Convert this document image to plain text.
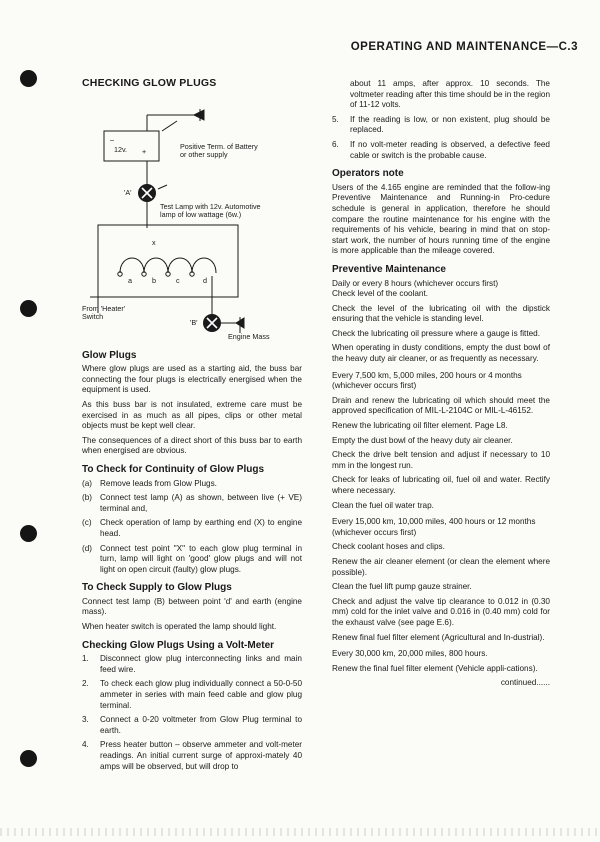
OPERATING AND MAINTENANCE—C.3
CHECKING GLOW PLUGS
–
12v. +
Positive Term. of Battery
or other supply
'A'
Test Lamp with 12v. Automotive
lamp of low wattage (6w.)
x
a	b	c	d
From 'Heater'
Switch
'B'
Engine Mass
Glow Plugs

Where glow plugs are used as a starting aid, the buss bar connecting the four plugs is electrically energised when the equipment is used.

As this buss bar is not insulated, extreme care must be exercised in as much as all pipes, clips or other metal objects must be kept well clear.

The consequences of a direct short of this buss bar to earth when energised are obvious.

To Check for Continuity of Glow Plugs
(a) Remove leads from Glow Plugs.
(b) Connect test lamp (A) as shown, between live (+ VE) terminal and,
(c)	Check operation of lamp by earthing end (X) to engine head.
(d) Connect test point "X" to each glow plug terminal in turn, lamp will light on 'good' glow plugs and will not light on open circuit (faulty) glow plugs.
To Check Supply to Glow Plugs

Connect test lamp (B) between point 'd' and earth (engine mass).

When heater switch is operated the lamp should light.

Checking Glow Plugs Using a Volt-Meter
1.	Disconnect glow plug interconnecting links and main feed wire.
2.	To check each glow plug individually connect a 50-0-50 ammeter in series with main feed cable and glow plug terminal.
3.	Connect a 0-20 voltmeter from Glow Plug terminal to earth.
4.	Press heater button – observe ammeter and volt-meter readings. An initial current surge of approxi-mately 40 amps will be observed, but will drop to

about 11 amps, after approx. 10 seconds. The voltmeter reading after this time should be in the region of 11-12 volts.

5.	If the reading is low, or non existent, plug should be replaced.
6.	If no volt-meter reading is observed, a defective feed cable or switch is the probable cause.
Operators note

Users of the 4.165 engine are reminded that the follow-ing Preventive Maintenance and Running-in Pro-cedure schedule is general in application, therefore he should compare the routine maintenance for his engine with the requirements of his vehicle, bearing in mind that on stop-start work, the number of hours running time of the engine is more applicable than the mileage covered.

Preventive Maintenance

Daily or every 8 hours (whichever occurs first)
Check level of the coolant.

Check the level of the lubricating oil with the dipstick ensuring that the vehicle is standing level.

Check the lubricating oil pressure where a gauge is fitted.

When operating in dusty conditions, empty the dust bowl of the heavy duty air cleaner, or as frequently as necessary.

Every 7,500 km, 5,000 miles, 200 hours or 4 months (whichever occurs first)

Drain and renew the lubricating oil which should meet the approved specification of MIL-L-2104C or MIL-L-46152.

Renew the lubricating oil filter element. Page L8.

Empty the dust bowl of the heavy duty air cleaner.

Check the drive belt tension and adjust if necessary to 10 mm in the longest run.

Check for leaks of lubricating oil, fuel oil and water. Rectify where necessary.

Clean the fuel oil water trap.

Every 15,000 km, 10,000 miles, 400 hours or 12 months (whichever occurs first)

Check coolant hoses and clips.

Renew the air cleaner element (or clean the element where possible).

Clean the fuel lift pump gauze strainer.

Check and adjust the valve tip clearance to 0.012 in (0.30 mm) cold for the inlet valve and 0.016 in (0.40 mm) cold for the exhaust valve (see page E.6).

Renew final fuel filter element (Agricultural and In-dustrial).

Every 30,000 km, 20,000 miles, 800 hours.

Renew the final fuel filter element (Vehicle appli-cations).

continued......
